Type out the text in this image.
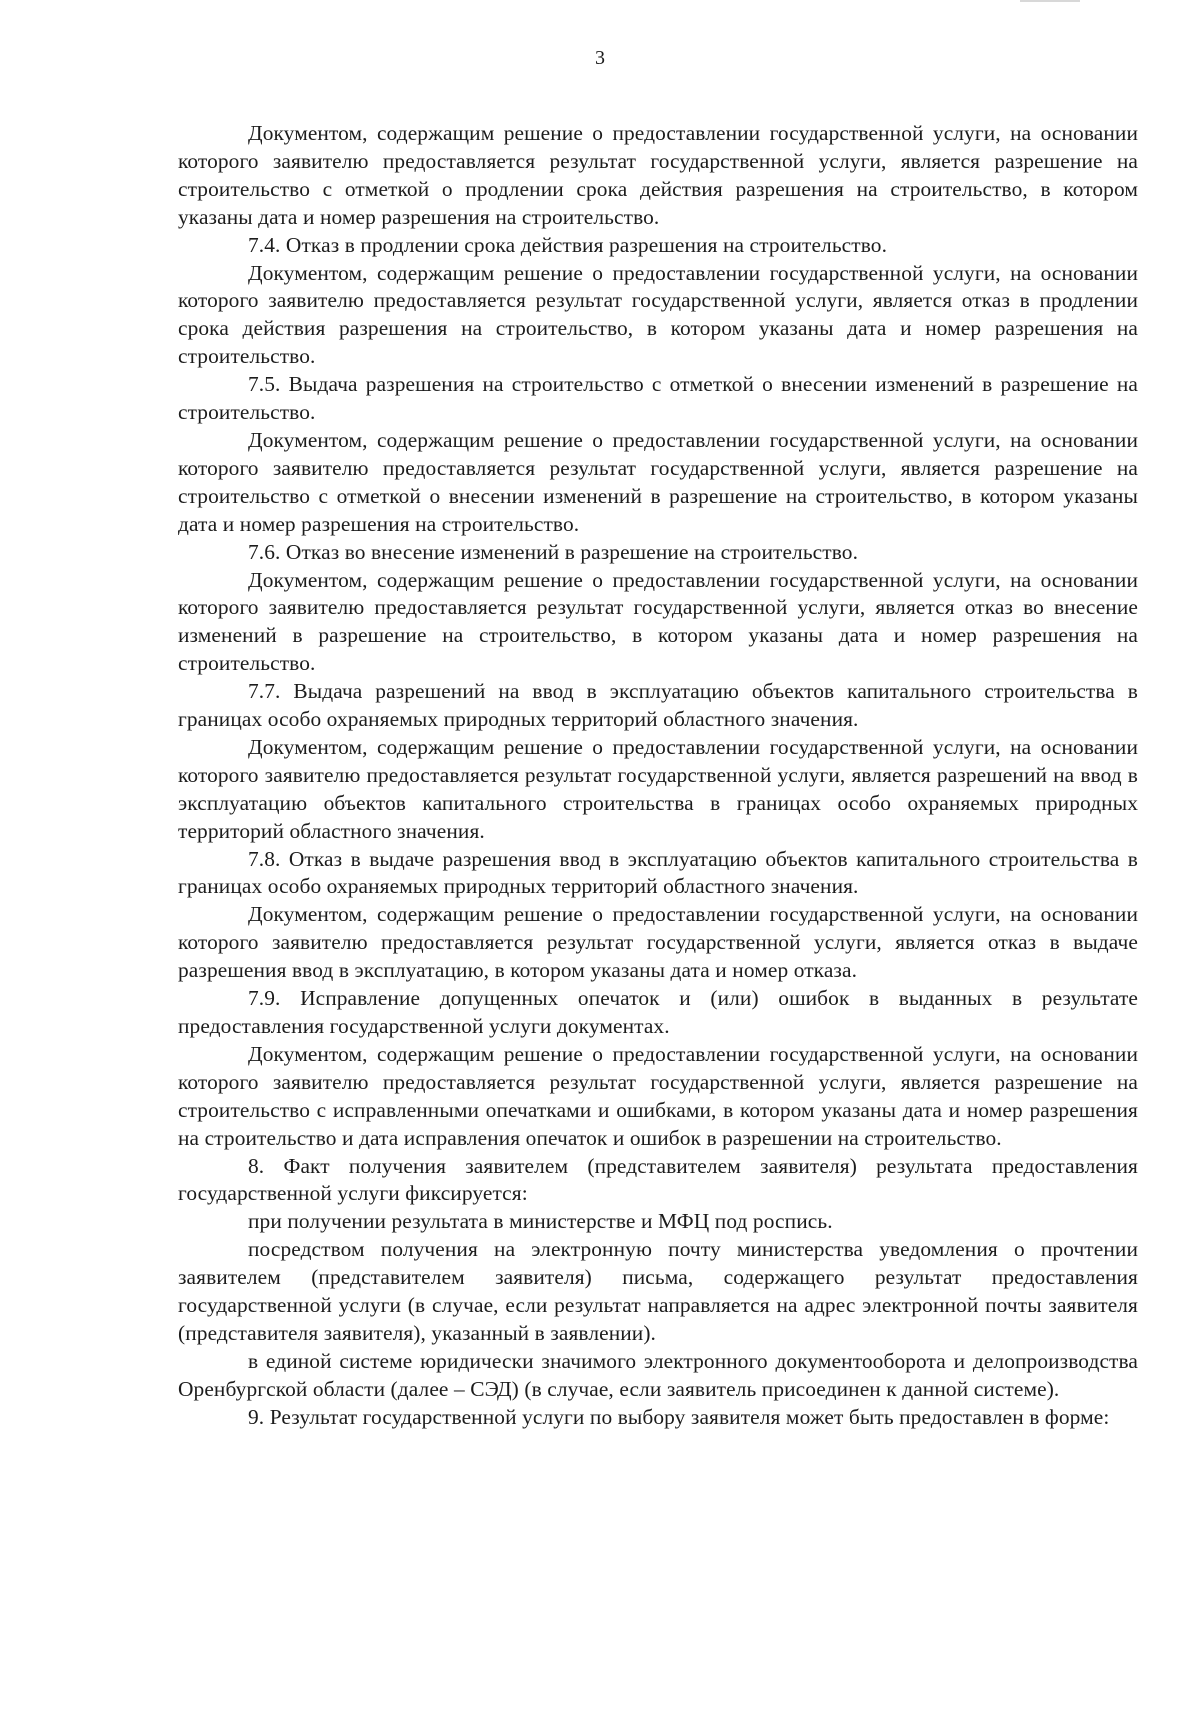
3

Документом, содержащим решение о предоставлении государственной услуги, на основании которого заявителю предоставляется результат государственной услуги, является разрешение на строительство с отметкой о продлении срока действия разрешения на строительство, в котором указаны дата и номер разрешения на строительство.

7.4. Отказ в продлении срока действия разрешения на строительство.

Документом, содержащим решение о предоставлении государственной услуги, на основании которого заявителю предоставляется результат государственной услуги, является отказ в продлении срока действия разрешения на строительство, в котором указаны дата и номер разрешения на строительство.

7.5. Выдача разрешения на строительство с отметкой о внесении изменений в разрешение на строительство.

Документом, содержащим решение о предоставлении государственной услуги, на основании которого заявителю предоставляется результат государственной услуги, является разрешение на строительство с отметкой о внесении изменений в разрешение на строительство, в котором указаны дата и номер разрешения на строительство.

7.6. Отказ во внесение изменений в разрешение на строительство.

Документом, содержащим решение о предоставлении государственной услуги, на основании которого заявителю предоставляется результат государственной услуги, является отказ во внесение изменений в разрешение на строительство, в котором указаны дата и номер разрешения на строительство.

7.7. Выдача разрешений на ввод в эксплуатацию объектов капитального строительства в границах особо охраняемых природных территорий областного значения.

Документом, содержащим решение о предоставлении государственной услуги, на основании которого заявителю предоставляется результат государственной услуги, является разрешений на ввод в эксплуатацию объектов капитального строительства в границах особо охраняемых природных территорий областного значения.

7.8. Отказ в выдаче разрешения ввод в эксплуатацию объектов капитального строительства в границах особо охраняемых природных территорий областного значения.

Документом, содержащим решение о предоставлении государственной услуги, на основании которого заявителю предоставляется результат государственной услуги, является отказ в выдаче разрешения ввод в эксплуатацию, в котором указаны дата и номер отказа.

7.9. Исправление допущенных опечаток и (или) ошибок в выданных в результате предоставления государственной услуги документах.

Документом, содержащим решение о предоставлении государственной услуги, на основании которого заявителю предоставляется результат государственной услуги, является разрешение на строительство с исправленными опечатками и ошибками, в котором указаны дата и номер разрешения на строительство и дата исправления опечаток и ошибок в разрешении на строительство.

8. Факт получения заявителем (представителем заявителя) результата предоставления государственной услуги фиксируется:

при получении результата в министерстве и МФЦ под роспись.

посредством получения на электронную почту министерства уведомления о прочтении заявителем (представителем заявителя) письма, содержащего результат предоставления государственной услуги (в случае, если результат направляется на адрес электронной почты заявителя (представителя заявителя), указанный в заявлении).

в единой системе юридически значимого электронного документооборота и делопроизводства Оренбургской области (далее – СЭД) (в случае, если заявитель присоединен к данной системе).

9. Результат государственной услуги по выбору заявителя может быть предоставлен в форме:
